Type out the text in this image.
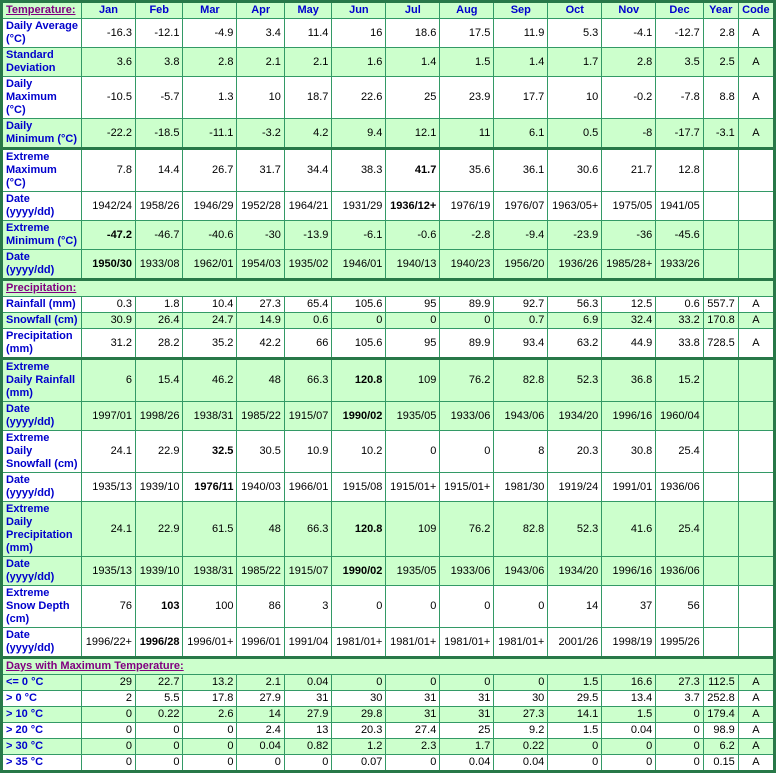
Temperature:	Jan	Feb	Mar	Apr	May	Jun	Jul	Aug	Sep	Oct	Nov	Dec	Year	Code
Daily Average (°C)	-16.3	-12.1	-4.9	3.4	11.4	16	18.6	17.5	11.9	5.3	-4.1	-12.7	2.8	A
Standard Deviation	3.6	3.8	2.8	2.1	2.1	1.6	1.4	1.5	1.4	1.7	2.8	3.5	2.5	A
Daily Maximum (°C)	-10.5	-5.7	1.3	10	18.7	22.6	25	23.9	17.7	10	-0.2	-7.8	8.8	A
Daily Minimum (°C)	-22.2	-18.5	-11.1	-3.2	4.2	9.4	12.1	11	6.1	0.5	-8	-17.7	-3.1	A
Extreme Maximum (°C)	7.8	14.4	26.7	31.7	34.4	38.3	41.7	35.6	36.1	30.6	21.7	12.8		
Date (yyyy/dd)	1942/24	1958/26	1946/29	1952/28	1964/21	1931/29	1936/12+	1976/19	1976/07	1963/05+	1975/05	1941/05		
Extreme Minimum (°C)	-47.2	-46.7	-40.6	-30	-13.9	-6.1	-0.6	-2.8	-9.4	-23.9	-36	-45.6		
Date (yyyy/dd)	1950/30	1933/08	1962/01	1954/03	1935/02	1946/01	1940/13	1940/23	1956/20	1936/26	1985/28+	1933/26		
Precipitation:														
Rainfall (mm)	0.3	1.8	10.4	27.3	65.4	105.6	95	89.9	92.7	56.3	12.5	0.6	557.7	A
Snowfall (cm)	30.9	26.4	24.7	14.9	0.6	0	0	0	0.7	6.9	32.4	33.2	170.8	A
Precipitation (mm)	31.2	28.2	35.2	42.2	66	105.6	95	89.9	93.4	63.2	44.9	33.8	728.5	A
Extreme Daily Rainfall (mm)	6	15.4	46.2	48	66.3	120.8	109	76.2	82.8	52.3	36.8	15.2		
Date (yyyy/dd)	1997/01	1998/26	1938/31	1985/22	1915/07	1990/02	1935/05	1933/06	1943/06	1934/20	1996/16	1960/04		
Extreme Daily Snowfall (cm)	24.1	22.9	32.5	30.5	10.9	10.2	0	0	8	20.3	30.8	25.4		
Date (yyyy/dd)	1935/13	1939/10	1976/11	1940/03	1966/01	1915/08	1915/01+	1915/01+	1981/30	1919/24	1991/01	1936/06		
Extreme Daily Precipitation (mm)	24.1	22.9	61.5	48	66.3	120.8	109	76.2	82.8	52.3	41.6	25.4		
Date (yyyy/dd)	1935/13	1939/10	1938/31	1985/22	1915/07	1990/02	1935/05	1933/06	1943/06	1934/20	1996/16	1936/06		
Extreme Snow Depth (cm)	76	103	100	86	3	0	0	0	0	14	37	56		
Date (yyyy/dd)	1996/22+	1996/28	1996/01+	1996/01	1991/04	1981/01+	1981/01+	1981/01+	1981/01+	2001/26	1998/19	1995/26		
Days with Maximum Temperature:														
<= 0 °C	29	22.7	13.2	2.1	0.04	0	0	0	0	1.5	16.6	27.3	112.5	A
> 0 °C	2	5.5	17.8	27.9	31	30	31	31	30	29.5	13.4	3.7	252.8	A
> 10 °C	0	0.22	2.6	14	27.9	29.8	31	31	27.3	14.1	1.5	0	179.4	A
> 20 °C	0	0	0	2.4	13	20.3	27.4	25	9.2	1.5	0.04	0	98.9	A
> 30 °C	0	0	0	0.04	0.82	1.2	2.3	1.7	0.22	0	0	0	6.2	A
> 35 °C	0	0	0	0	0	0.07	0	0.04	0.04	0	0	0	0.15	A
